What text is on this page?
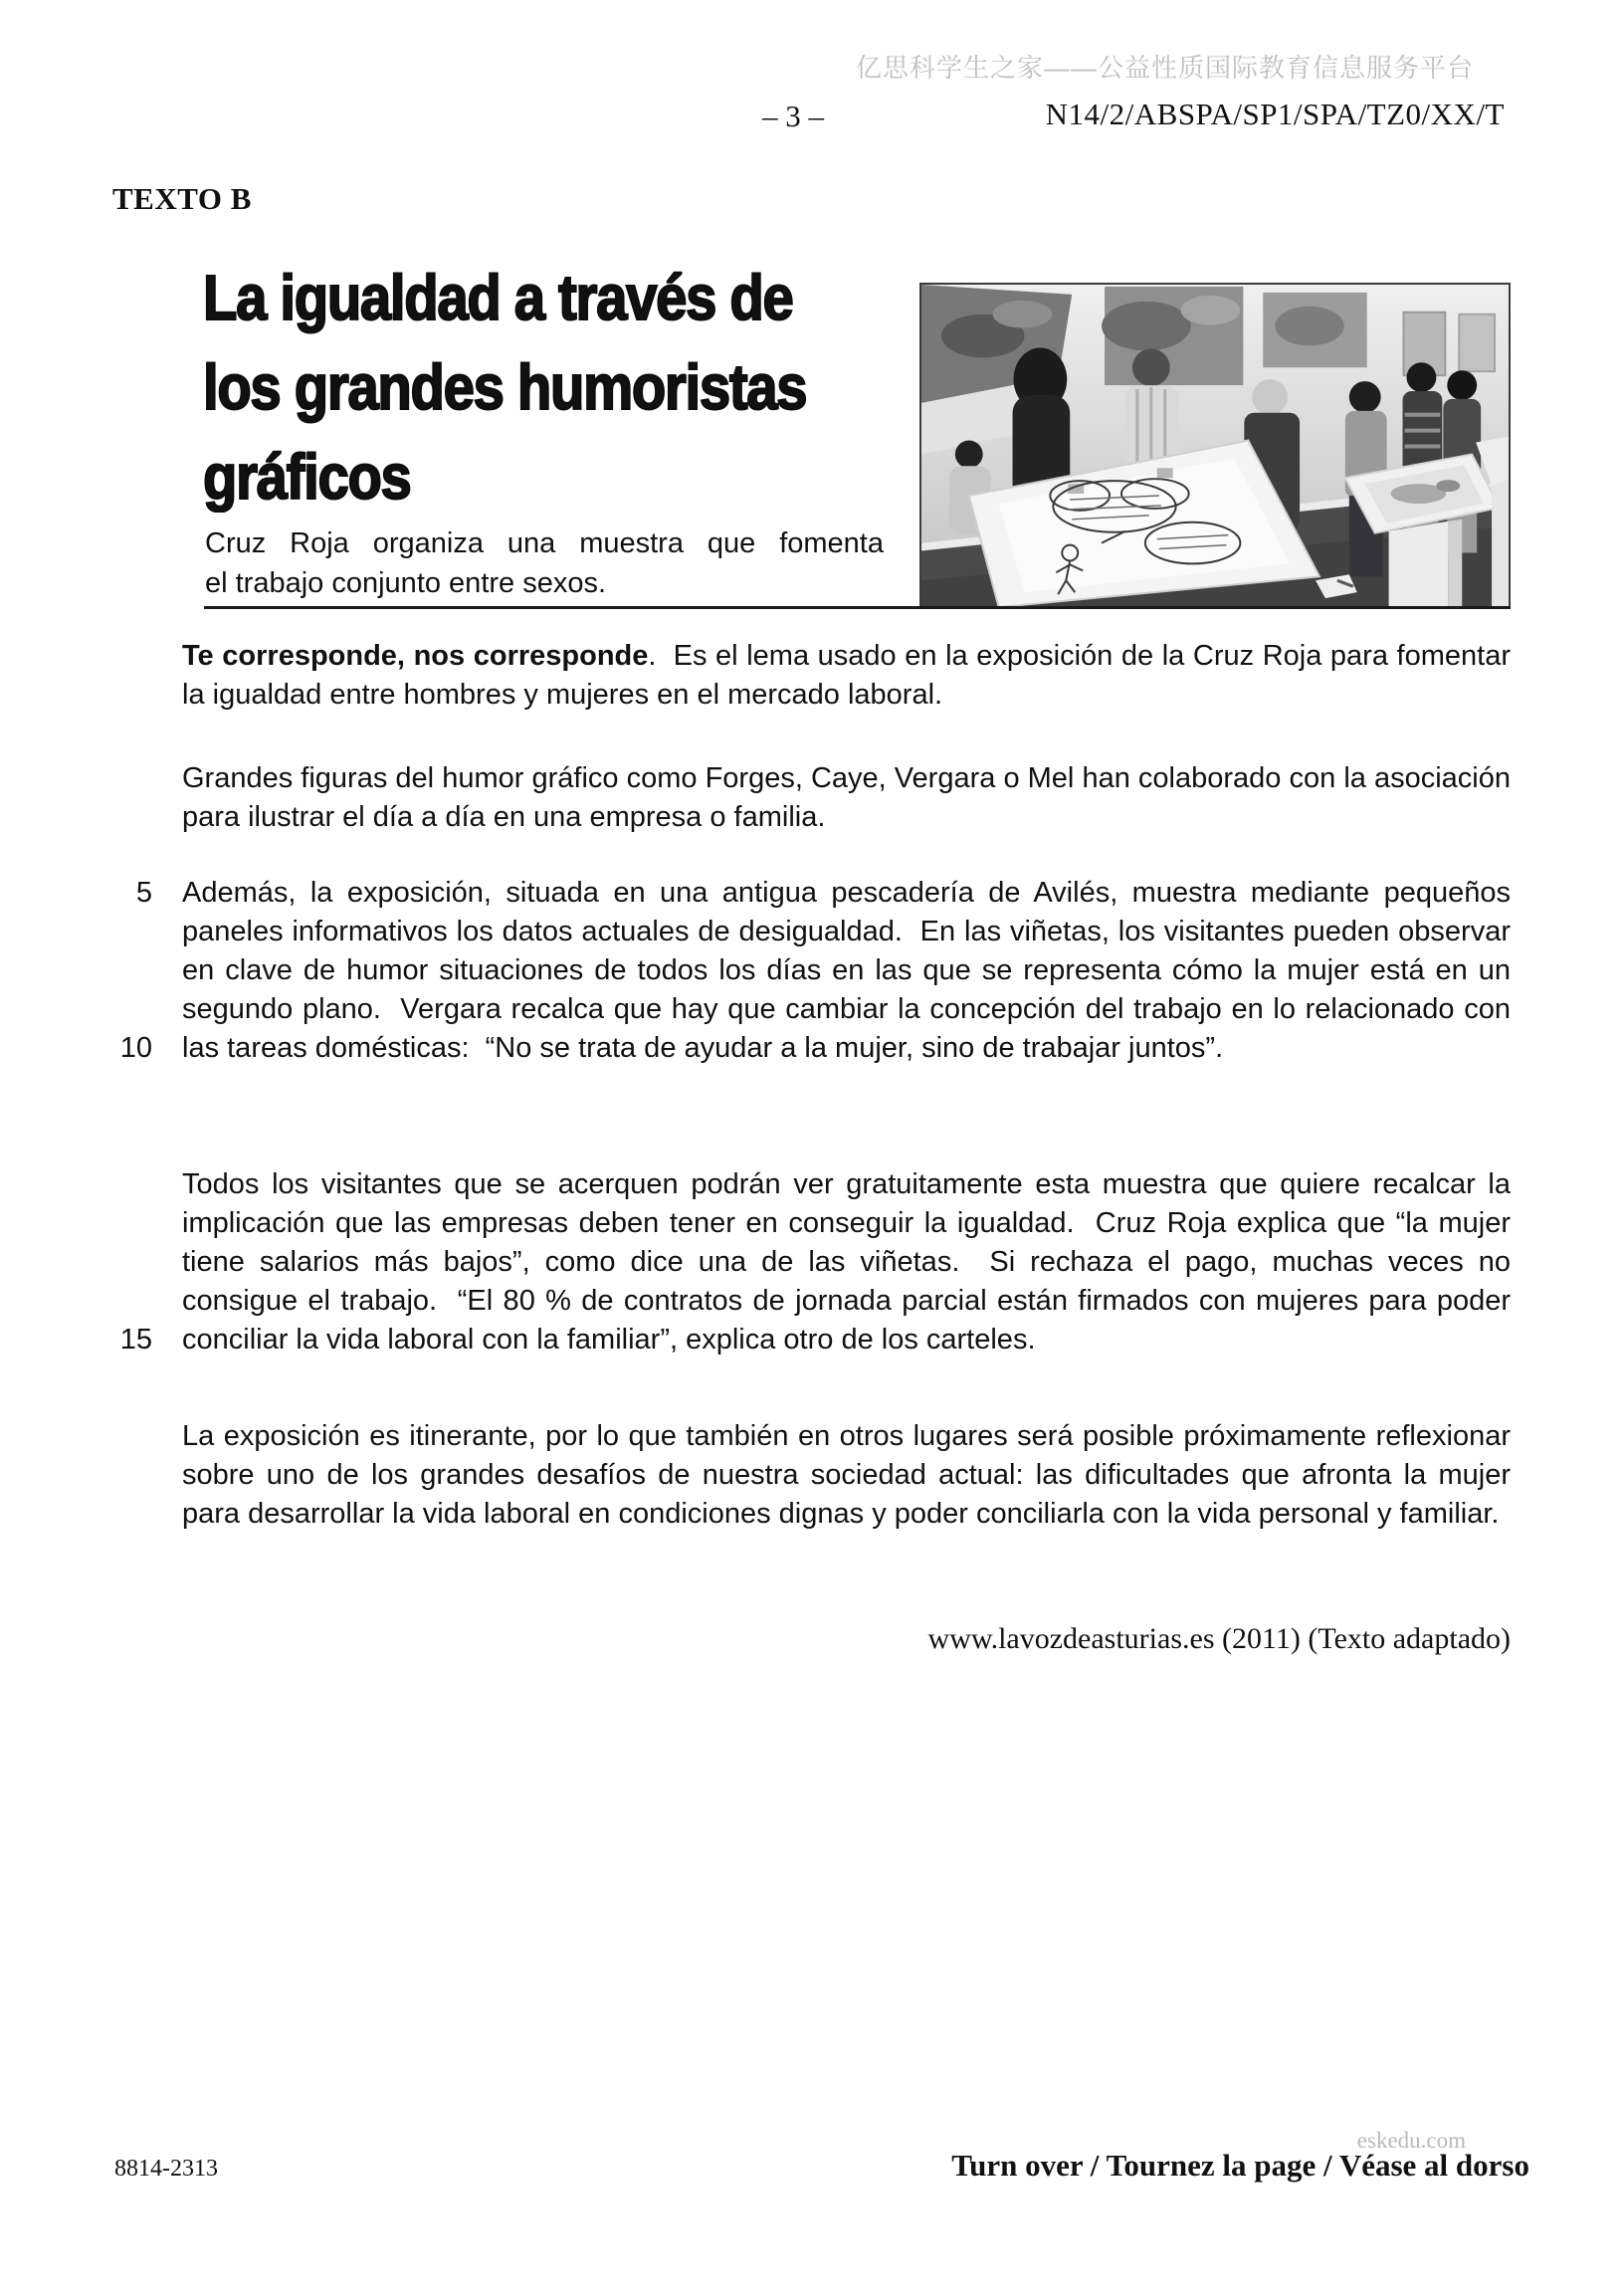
亿思科学生之家——公益性质国际教育信息服务平台
– 3 –	N14/2/ABSPA/SP1/SPA/TZ0/XX/T
TEXTO B
La igualdad a través de
los grandes humoristas
gráficos
Cruz Roja organiza una muestra que fomenta
el trabajo conjunto entre sexos.
Te corresponde, nos corresponde.  Es el lema usado en la exposición de la Cruz Roja para fomentar la igualdad entre hombres y mujeres en el mercado laboral.
Grandes figuras del humor gráfico como Forges, Caye, Vergara o Mel han colaborado con la asociación para ilustrar el día a día en una empresa o familia.
5
10
Además, la exposición, situada en una antigua pescadería de Avilés, muestra mediante pequeños paneles informativos los datos actuales de desigualdad.  En las viñetas, los visitantes pueden observar en clave de humor situaciones de todos los días en las que se representa cómo la mujer está en un segundo plano.  Vergara recalca que hay que cambiar la concepción del trabajo en lo relacionado con las tareas domésticas:  “No se trata de ayudar a la mujer, sino de trabajar juntos”.
15
Todos los visitantes que se acerquen podrán ver gratuitamente esta muestra que quiere recalcar la implicación que las empresas deben tener en conseguir la igualdad.  Cruz Roja explica que “la mujer tiene salarios más bajos”, como dice una de las viñetas.  Si rechaza el pago, muchas veces no consigue el trabajo.  “El 80 % de contratos de jornada parcial están firmados con mujeres para poder conciliar la vida laboral con la familiar”, explica otro de los carteles.
La exposición es itinerante, por lo que también en otros lugares será posible próximamente reflexionar sobre uno de los grandes desafíos de nuestra sociedad actual: las dificultades que afronta la mujer para desarrollar la vida laboral en condiciones dignas y poder conciliarla con la vida personal y familiar.
www.lavozdeasturias.es (2011) (Texto adaptado)
8814-2313
eskedu.com
Turn over / Tournez la page / Véase al dorso
